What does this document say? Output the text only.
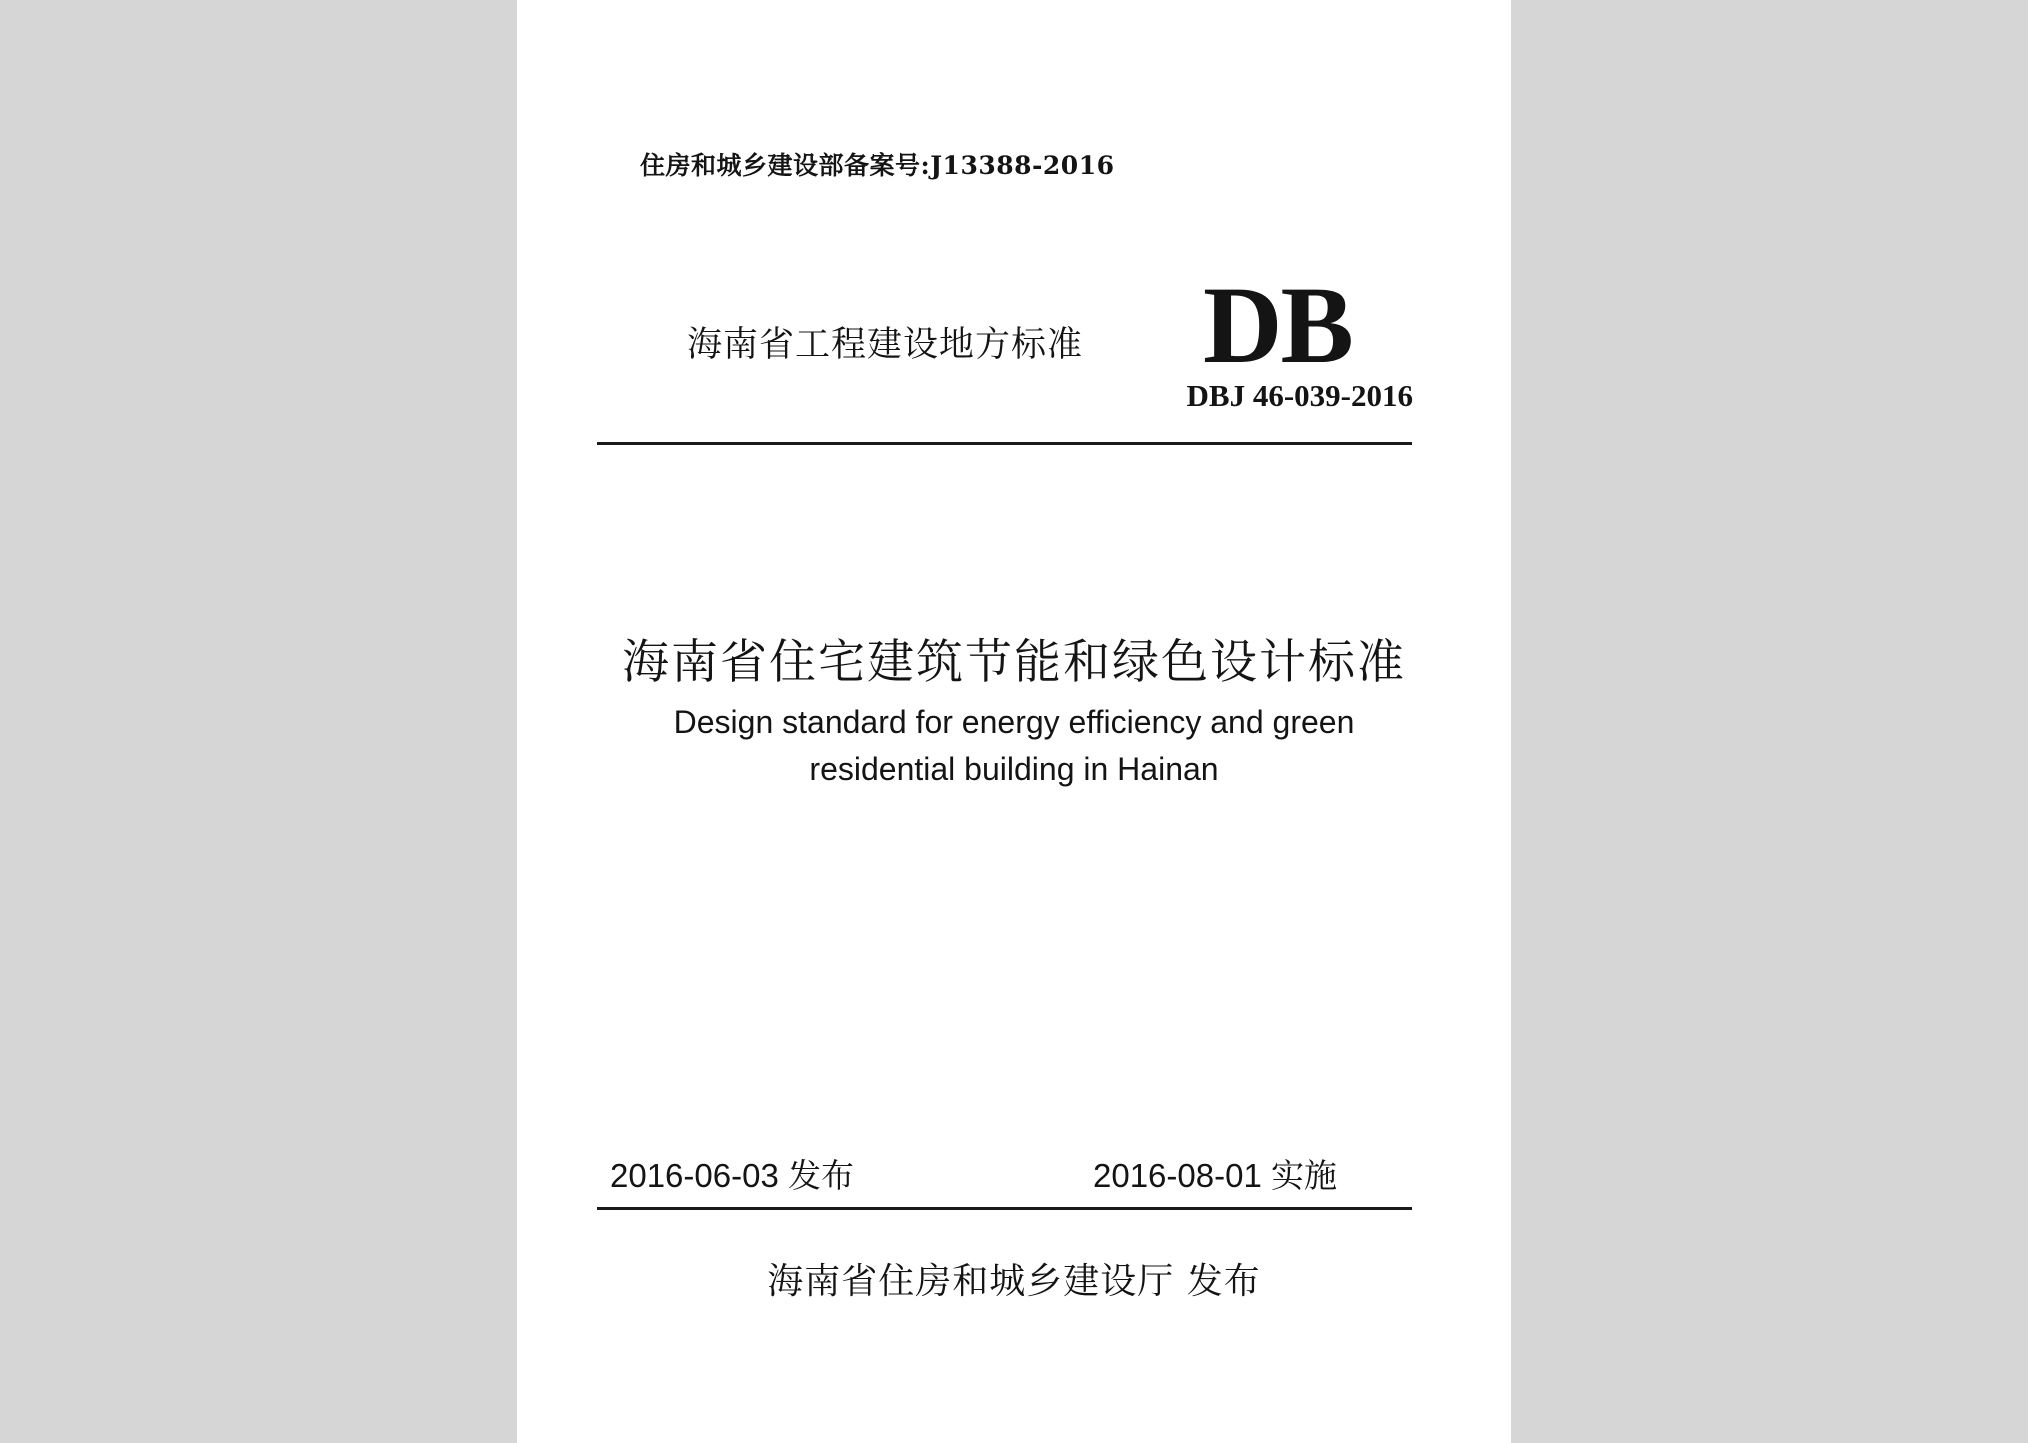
住房和城乡建设部备案号:J13388-2016
海南省工程建设地方标准 DB
DBJ 46-039-2016
海南省住宅建筑节能和绿色设计标准
Design standard for energy efficiency and green
residential building in Hainan
2016-06-03 发布	2016-08-01 实施
海南省住房和城乡建设厅 发布
